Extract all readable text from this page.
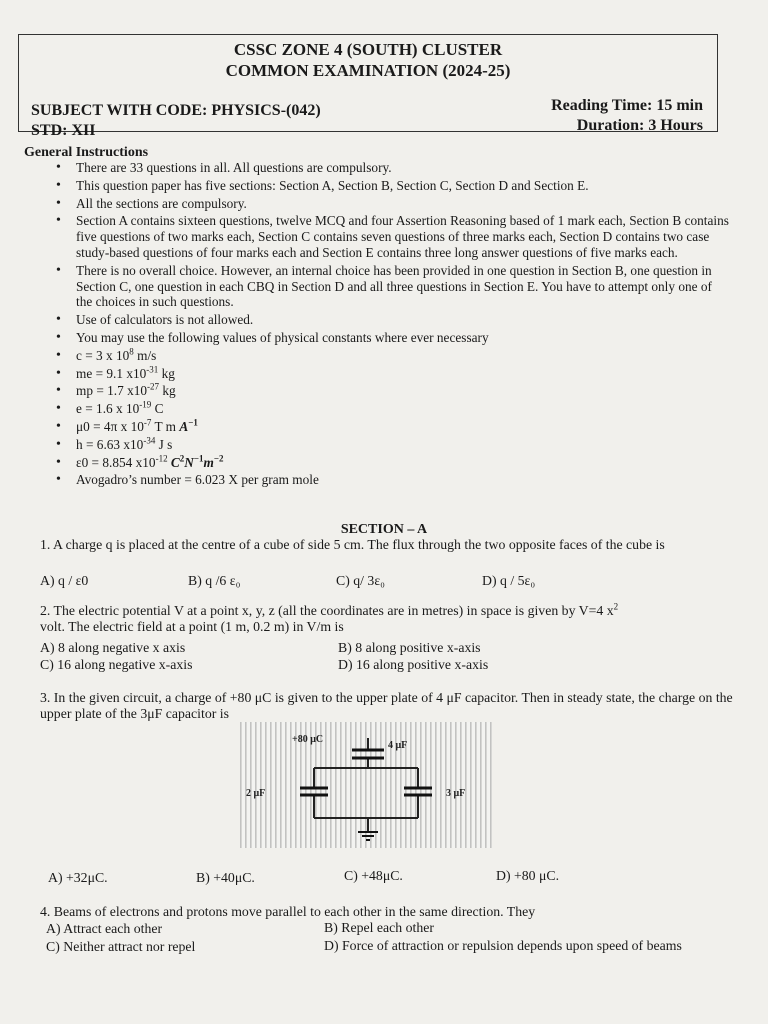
CSSC ZONE 4 (SOUTH) CLUSTER
COMMON EXAMINATION (2024-25)
SUBJECT WITH CODE: PHYSICS-(042)
STD: XII
Reading Time: 15 min
Duration: 3 Hours
General Instructions
• There are 33 questions in all. All questions are compulsory.
• This question paper has five sections: Section A, Section B, Section C, Section D and Section E.
• All the sections are compulsory.
• Section A contains sixteen questions, twelve MCQ and four Assertion Reasoning based of 1 mark each, Section B contains five questions of two marks each, Section C contains seven questions of three marks each, Section D contains two case study-based questions of four marks each and Section E contains three long answer questions of five marks each.
• There is no overall choice. However, an internal choice has been provided in one question in Section B, one question in Section C, one question in each CBQ in Section D and all three questions in Section E. You have to attempt only one of the choices in such questions.
• Use of calculators is not allowed.
• You may use the following values of physical constants where ever necessary
• c = 3 x $10^8$ m/s
• me = 9.1 $x10^{-31}$ kg
• mp = 1.7 $x10^{-27}$ kg
• e = 1.6 x $10^{-19}$ C
• μ0 = 4π x $10^{-7}$ T m $A^{-1}$
• h = 6.63 $x10^{-34}$ J s
• ε0 = 8.854 $x10^{-12}$ $C^2N^{-1}m^{-2}$
• Avogadro’s number = 6.023 X per gram mole
SECTION – A
1. A charge q is placed at the centre of a cube of side 5 cm. The flux through the two opposite faces of the cube is
A) q / ε0	B) q /6 ε₀	C) q/ 3ε₀	D) q / 5ε₀
2. The electric potential V at a point x, y, z (all the coordinates are in metres) in space is given by V=4 $x^2$
volt. The electric field at a point (1 m, 0.2 m) in V/m is
A) 8 along negative x axis	B) 8 along positive x-axis
C) 16 along negative x-axis	D) 16 along positive x-axis
3. In the given circuit, a charge of +80 μC is given to the upper plate of 4 μF capacitor. Then in steady state, the charge on the upper plate of the 3μF capacitor is
+80 μC
4 μF
2 μF	3 μF
A) +32μC.	B) +40μC.	C) +48μC.	D) +80 μC.
4. Beams of electrons and protons move parallel to each other in the same direction. They
A) Attract each other	B) Repel each other
C) Neither attract nor repel	D) Force of attraction or repulsion depends upon speed of beams
